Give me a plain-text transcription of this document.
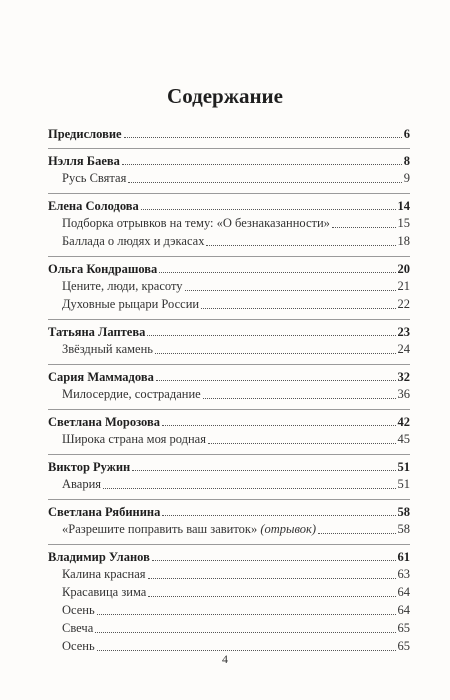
Содержание
Предисловие	6
Нэлля Баева	8
Русь Святая	9
Елена Солодова	14
Подборка отрывков на тему: «О безнаказанности»	15
Баллада о людях и дэкасах	18
Ольга Кондрашова	20
Цените, люди, красоту	21
Духовные рыцари России	22
Татьяна Лаптева	23
Звёздный камень	24
Сария Маммадова	32
Милосердие, сострадание	36
Светлана Морозова	42
Широка страна моя родная	45
Виктор Ружин	51
Авария	51
Светлана Рябинина	58
«Разрешите поправить ваш завиток» (отрывок)	58
Владимир Уланов	61
Калина красная	63
Красавица зима	64
Осень	64
Свеча	65
Осень	65
4
